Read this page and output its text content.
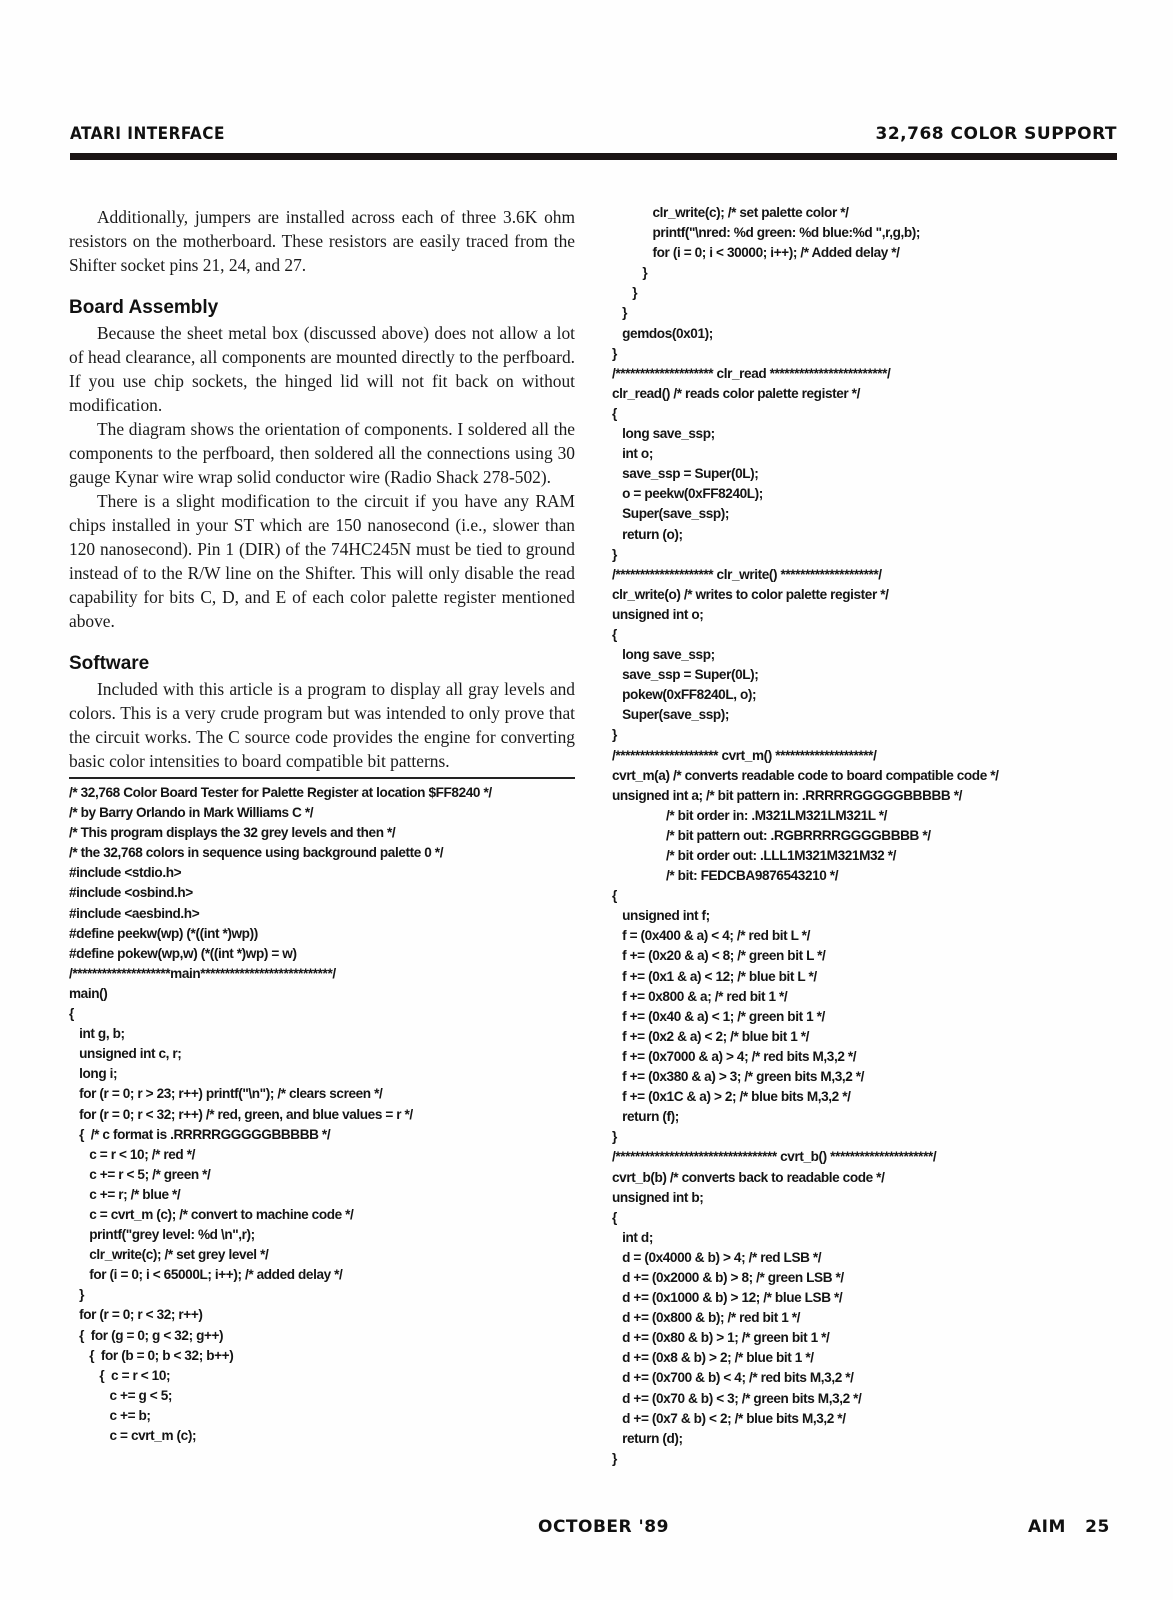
ATARI INTERFACE	32,768 COLOR SUPPORT

Additionally, jumpers are installed across each of three 3.6K ohm resistors on the motherboard. These resistors are easily traced from the Shifter socket pins 21, 24, and 27.

Board Assembly

Because the sheet metal box (discussed above) does not allow a lot of head clearance, all components are mounted directly to the perfboard. If you use chip sockets, the hinged lid will not fit back on without modification.

The diagram shows the orientation of components. I soldered all the components to the perfboard, then soldered all the connections using 30 gauge Kynar wire wrap solid conductor wire (Radio Shack 278-502).

There is a slight modification to the circuit if you have any RAM chips installed in your ST which are 150 nanosecond (i.e., slower than 120 nanosecond). Pin 1 (DIR) of the 74HC245N must be tied to ground instead of to the R/W line on the Shifter. This will only disable the read capability for bits C, D, and E of each color palette register mentioned above.

Software

Included with this article is a program to display all gray levels and colors. This is a very crude program but was intended to only prove that the circuit works. The C source code provides the engine for converting basic color intensities to board compatible bit patterns.

/* 32,768 Color Board Tester for Palette Register at location $FF8240 */
/* by Barry Orlando in Mark Williams C */
/* This program displays the 32 grey levels and then */
/* the 32,768 colors in sequence using background palette 0 */
#include <stdio.h>
#include <osbind.h>
#include <aesbind.h>
#define peekw(wp) (*((int *)wp))
#define pokew(wp,w) (*((int *)wp) = w)
/********************main***************************/
main()
{
int g, b;
unsigned int c, r;
long i;
for (r = 0; r > 23; r++) printf("\n"); /* clears screen */
for (r = 0; r < 32; r++) /* red, green, and blue values = r */
{  /* c format is .RRRRRGGGGGBBBBB */
c = r < 10; /* red */
c += r < 5; /* green */
c += r; /* blue */
c = cvrt_m (c); /* convert to machine code */
printf("grey level: %d \n",r);
clr_write(c); /* set grey level */
for (i = 0; i < 65000L; i++); /* added delay */
}
for (r = 0; r < 32; r++)
{  for (g = 0; g < 32; g++)
{  for (b = 0; b < 32; b++)
{  c = r < 10;
c += g < 5;
c += b;
c = cvrt_m (c);
clr_write(c); /* set palette color */
printf("\nred: %d green: %d blue:%d ",r,g,b);
for (i = 0; i < 30000; i++); /* Added delay */
}
}
}
gemdos(0x01);
}
/******************** clr_read ************************/
clr_read() /* reads color palette register */
{
long save_ssp;
int o;
save_ssp = Super(0L);
o = peekw(0xFF8240L);
Super(save_ssp);
return (o);
}
/******************** clr_write() ********************/
clr_write(o) /* writes to color palette register */
unsigned int o;
{
long save_ssp;
save_ssp = Super(0L);
pokew(0xFF8240L, o);
Super(save_ssp);
}
/********************* cvrt_m() ********************/
cvrt_m(a) /* converts readable code to board compatible code */
unsigned int a; /* bit pattern in: .RRRRRGGGGGBBBBB */
/* bit order in: .M321LM321LM321L */
/* bit pattern out: .RGBRRRRGGGGBBBB */
/* bit order out: .LLL1M321M321M32 */
/* bit: FEDCBA9876543210 */
{
unsigned int f;
f = (0x400 & a) < 4; /* red bit L */
f += (0x20 & a) < 8; /* green bit L */
f += (0x1 & a) < 12; /* blue bit L */
f += 0x800 & a; /* red bit 1 */
f += (0x40 & a) < 1; /* green bit 1 */
f += (0x2 & a) < 2; /* blue bit 1 */
f += (0x7000 & a) > 4; /* red bits M,3,2 */
f += (0x380 & a) > 3; /* green bits M,3,2 */
f += (0x1C & a) > 2; /* blue bits M,3,2 */
return (f);
}
/********************************* cvrt_b() *********************/
cvrt_b(b) /* converts back to readable code */
unsigned int b;
{
int d;
d = (0x4000 & b) > 4; /* red LSB */
d += (0x2000 & b) > 8; /* green LSB */
d += (0x1000 & b) > 12; /* blue LSB */
d += (0x800 & b); /* red bit 1 */
d += (0x80 & b) > 1; /* green bit 1 */
d += (0x8 & b) > 2; /* blue bit 1 */
d += (0x700 & b) < 4; /* red bits M,3,2 */
d += (0x70 & b) < 3; /* green bits M,3,2 */
d += (0x7 & b) < 2; /* blue bits M,3,2 */
return (d);
}
OCTOBER '89	AIM 25
